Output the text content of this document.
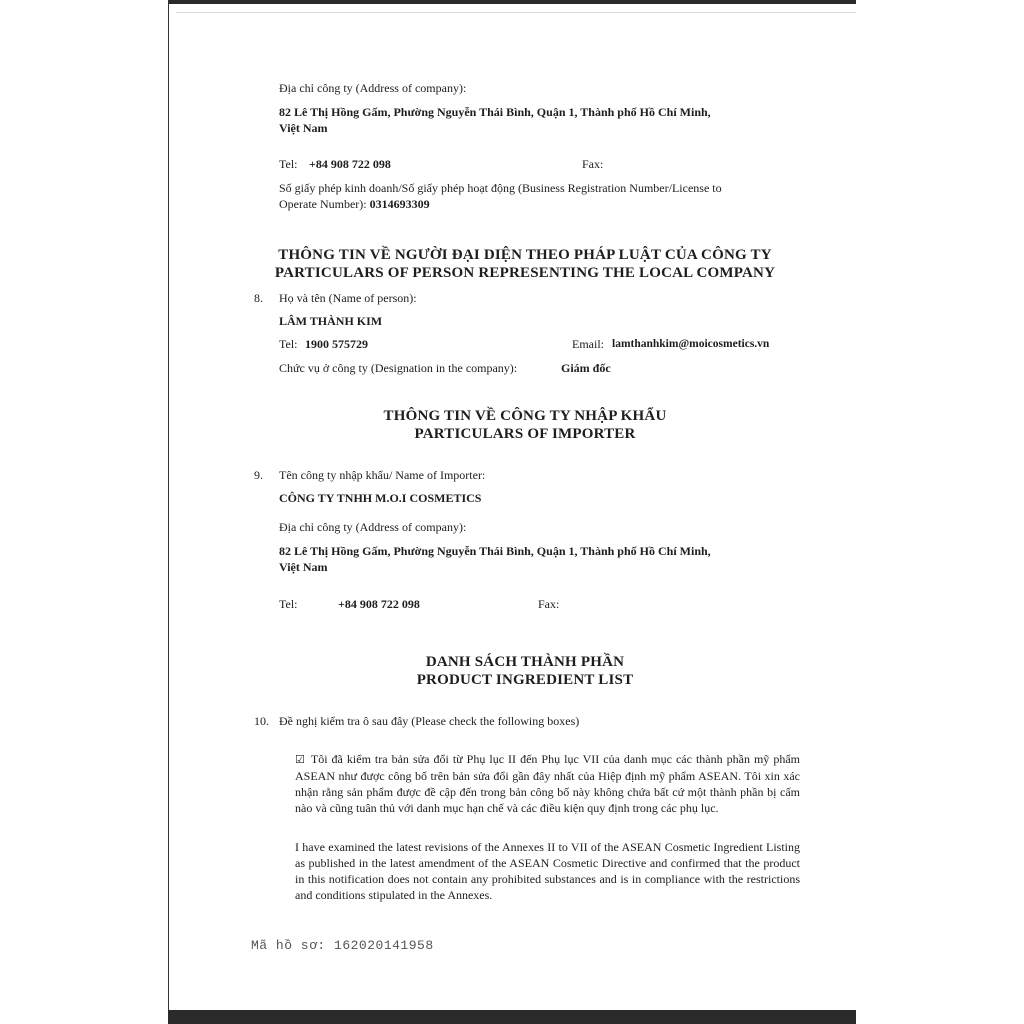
Địa chỉ công ty (Address of company):
82 Lê Thị Hồng Gấm, Phường Nguyễn Thái Bình, Quận 1, Thành phố Hồ Chí Minh,
Việt Nam
Tel: +84 908 722 098	Fax:
Số giấy phép kinh doanh/Số giấy phép hoạt động (Business Registration Number/License to
Operate Number): 0314693309
THÔNG TIN VỀ NGƯỜI ĐẠI DIỆN THEO PHÁP LUẬT CỦA CÔNG TY
PARTICULARS OF PERSON REPRESENTING THE LOCAL COMPANY
8. Họ và tên (Name of person):
LÂM THÀNH KIM
Tel: 1900 575729	Email: lamthanhkim@moicosmetics.vn
Chức vụ ở công ty (Designation in the company):	Giám đốc
THÔNG TIN VỀ CÔNG TY NHẬP KHẨU
PARTICULARS OF IMPORTER
9. Tên công ty nhập khẩu/ Name of Importer:
CÔNG TY TNHH M.O.I COSMETICS
Địa chỉ công ty (Address of company):
82 Lê Thị Hồng Gấm, Phường Nguyễn Thái Bình, Quận 1, Thành phố Hồ Chí Minh,
Việt Nam
Tel:	+84 908 722 098	Fax:
DANH SÁCH THÀNH PHẦN
PRODUCT INGREDIENT LIST
10. Đề nghị kiểm tra ô sau đây (Please check the following boxes)
☑ Tôi đã kiểm tra bản sửa đổi từ Phụ lục II đến Phụ lục VII của danh mục các thành phần mỹ phẩm ASEAN như được công bố trên bản sửa đổi gần đây nhất của Hiệp định mỹ phẩm ASEAN. Tôi xin xác nhận rằng sản phẩm được đề cập đến trong bản công bố này không chứa bất cứ một thành phần bị cấm nào và cũng tuân thủ với danh mục hạn chế và các điều kiện quy định trong các phụ lục.
I have examined the latest revisions of the Annexes II to VII of the ASEAN Cosmetic Ingredient Listing as published in the latest amendment of the ASEAN Cosmetic Directive and confirmed that the product in this notification does not contain any prohibited substances and is in compliance with the restrictions and conditions stipulated in the Annexes.
Mã hồ sơ: 162020141958
